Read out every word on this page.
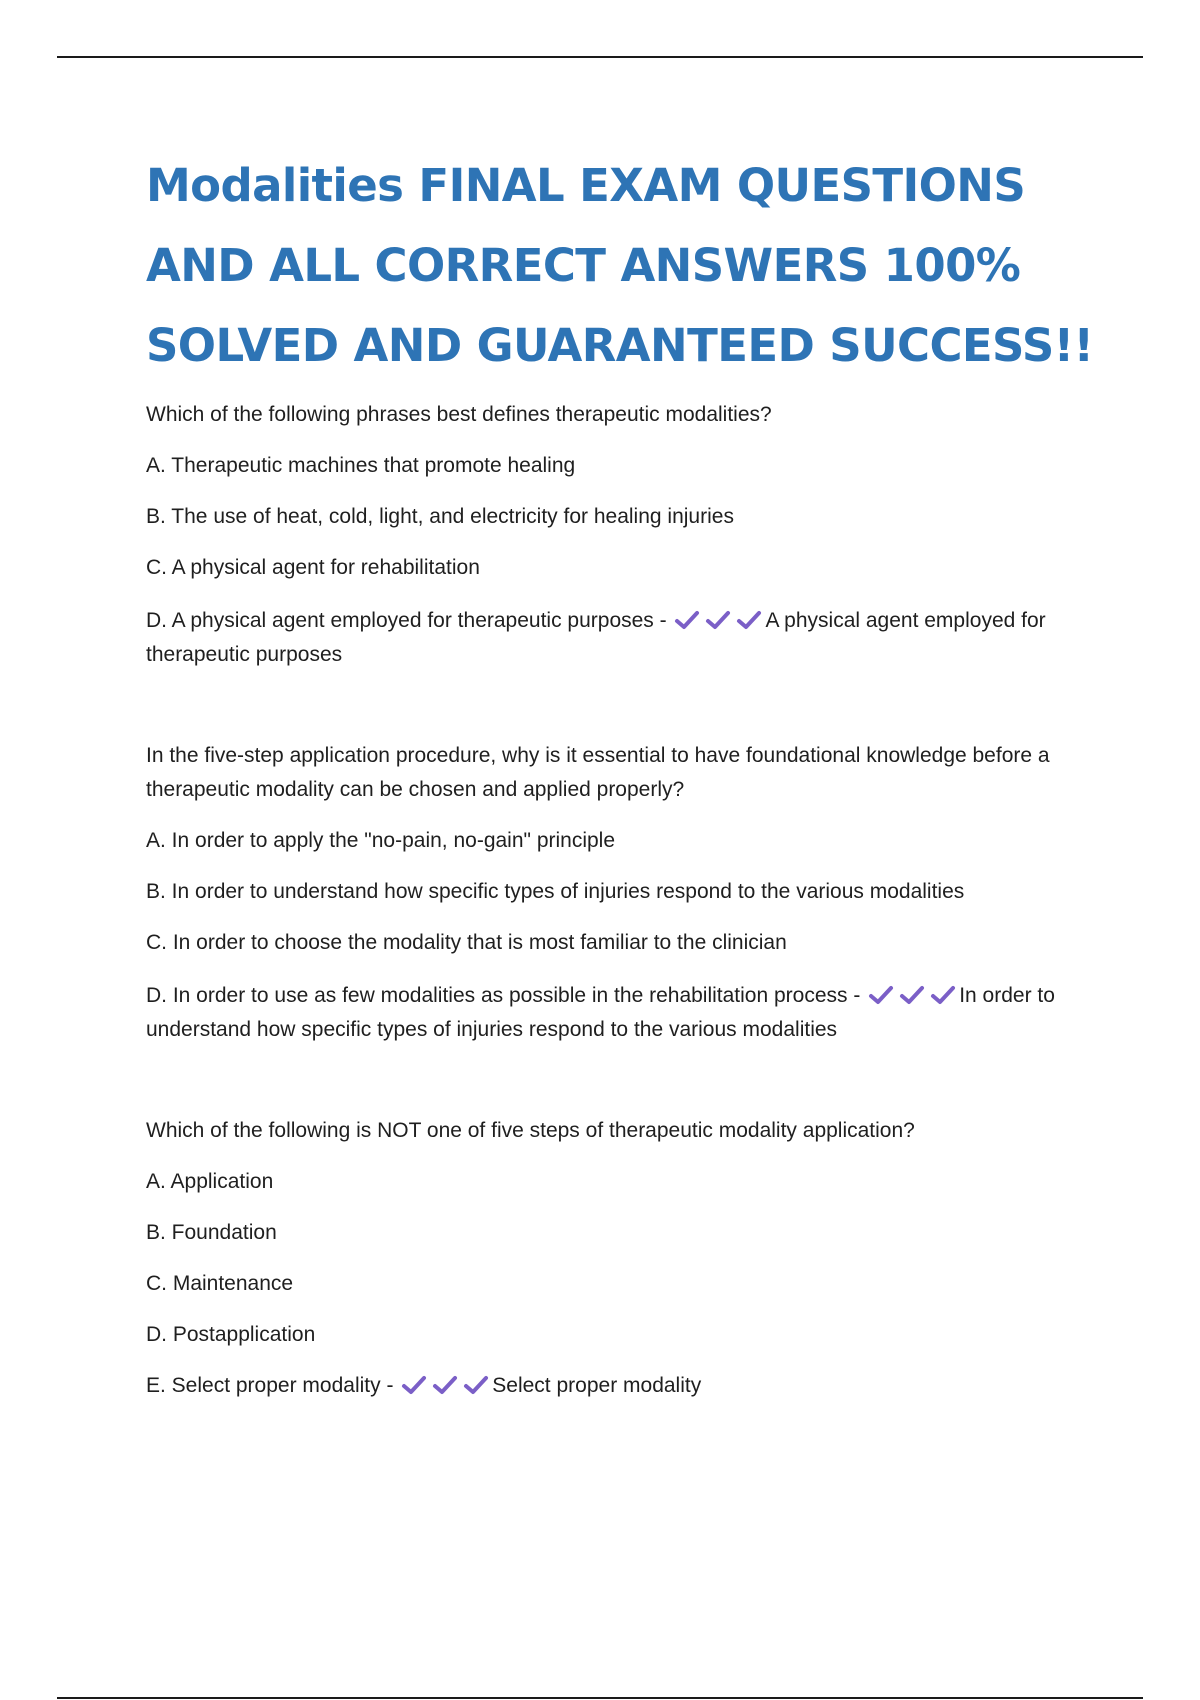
Modalities FINAL EXAM QUESTIONS
AND ALL CORRECT ANSWERS 100%
SOLVED AND GUARANTEED SUCCESS!!

Which of the following phrases best defines therapeutic modalities?

A. Therapeutic machines that promote healing

B. The use of heat, cold, light, and electricity for healing injuries

C. A physical agent for rehabilitation

D. A physical agent employed for therapeutic purposes -	A physical agent employed for therapeutic purposes

In the five-step application procedure, why is it essential to have foundational knowledge before a therapeutic modality can be chosen and applied properly?

A. In order to apply the "no-pain, no-gain" principle

B. In order to understand how specific types of injuries respond to the various modalities

C. In order to choose the modality that is most familiar to the clinician

D. In order to use as few modalities as possible in the rehabilitation process -	In order to understand how specific types of injuries respond to the various modalities

Which of the following is NOT one of five steps of therapeutic modality application?

A. Application

B. Foundation

C. Maintenance

D. Postapplication

E. Select proper modality -	Select proper modality
